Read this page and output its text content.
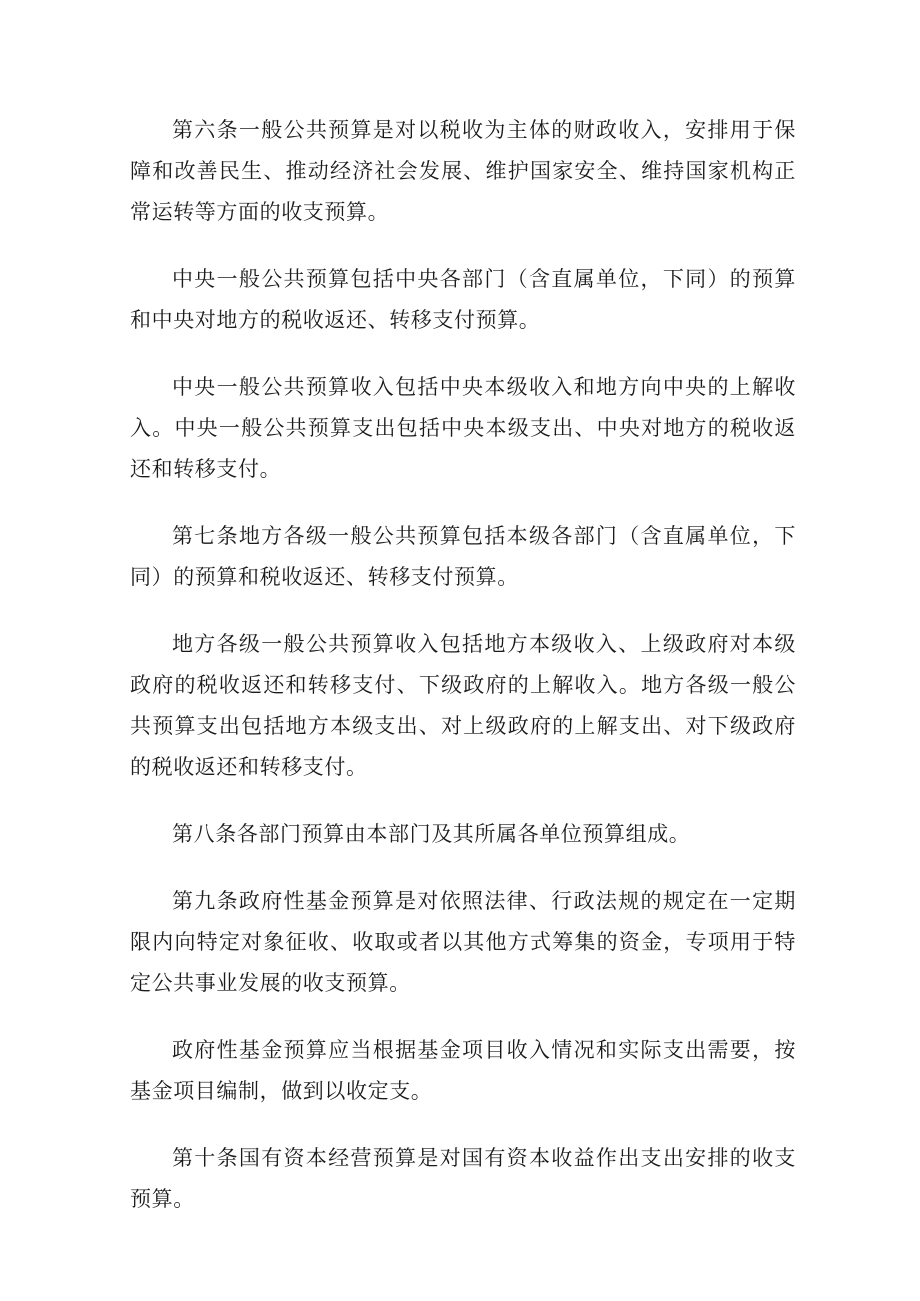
第六条一般公共预算是对以税收为主体的财政收入，安排用于保障和改善民生、推动经济社会发展、维护国家安全、维持国家机构正常运转等方面的收支预算。

中央一般公共预算包括中央各部门（含直属单位，下同）的预算和中央对地方的税收返还、转移支付预算。

中央一般公共预算收入包括中央本级收入和地方向中央的上解收入。中央一般公共预算支出包括中央本级支出、中央对地方的税收返还和转移支付。

第七条地方各级一般公共预算包括本级各部门（含直属单位，下同）的预算和税收返还、转移支付预算。

地方各级一般公共预算收入包括地方本级收入、上级政府对本级政府的税收返还和转移支付、下级政府的上解收入。地方各级一般公共预算支出包括地方本级支出、对上级政府的上解支出、对下级政府的税收返还和转移支付。

第八条各部门预算由本部门及其所属各单位预算组成。

第九条政府性基金预算是对依照法律、行政法规的规定在一定期限内向特定对象征收、收取或者以其他方式筹集的资金，专项用于特定公共事业发展的收支预算。

政府性基金预算应当根据基金项目收入情况和实际支出需要，按基金项目编制，做到以收定支。

第十条国有资本经营预算是对国有资本收益作出支出安排的收支预算。
